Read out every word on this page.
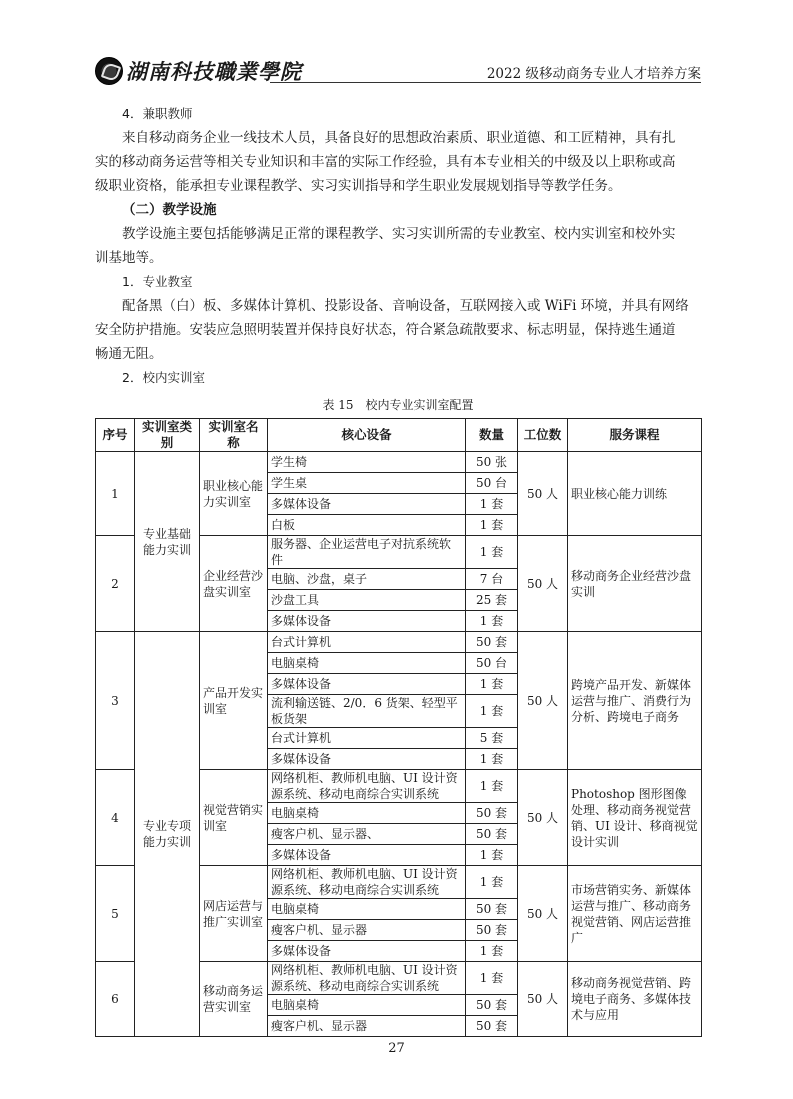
湖南科技職業學院	2022 级移动商务专业人才培养方案
4．兼职教师
来自移动商务企业一线技术人员，具备良好的思想政治素质、职业道德、和工匠精神，具有扎
实的移动商务运营等相关专业知识和丰富的实际工作经验，具有本专业相关的中级及以上职称或高
级职业资格，能承担专业课程教学、实习实训指导和学生职业发展规划指导等教学任务。
（二）教学设施
教学设施主要包括能够满足正常的课程教学、实习实训所需的专业教室、校内实训室和校外实
训基地等。
1．专业教室
配备黑（白）板、多媒体计算机、投影设备、音响设备，互联网接入或 WiFi 环境，并具有网络
安全防护措施。安装应急照明装置并保持良好状态，符合紧急疏散要求、标志明显，保持逃生通道
畅通无阻。
2．校内实训室
表 15　校内专业实训室配置
序号	实训室类别	实训室名称	核心设备	数量	工位数	服务课程
1	专业基础能力实训	职业核心能力实训室	学生椅	50 张	50 人	职业核心能力训练
			学生桌	50 台		
			多媒体设备	1 套		
			白板	1 套		
2		企业经营沙盘实训室	服务器、企业运营电子对抗系统软件	1 套	50 人	移动商务企业经营沙盘实训
			电脑、沙盘，桌子	7 台		
			沙盘工具	25 套		
			多媒体设备	1 套		
3	专业专项能力实训	产品开发实训室	台式计算机	50 套	50 人	跨境产品开发、新媒体运营与推广、消费行为分析、跨境电子商务
			电脑桌椅	50 台		
			多媒体设备	1 套		
			流利输送链、2/0．6 货架、轻型平板货架	1 套		
			台式计算机	5 套		
			多媒体设备	1 套		
4		视觉营销实训室	网络机柜、教师机电脑、UI 设计资源系统、移动电商综合实训系统	1 套	50 人	Photoshop 图形图像处理、移动商务视觉营销、UI 设计、移商视觉设计实训
			电脑桌椅	50 套		
			瘦客户机、显示器、	50 套		
			多媒体设备	1 套		
5		网店运营与推广实训室	网络机柜、教师机电脑、UI 设计资源系统、移动电商综合实训系统	1 套	50 人	市场营销实务、新媒体运营与推广、移动商务视觉营销、网店运营推广
			电脑桌椅	50 套		
			瘦客户机、显示器	50 套		
			多媒体设备	1 套		
6		移动商务运营实训室	网络机柜、教师机电脑、UI 设计资源系统、移动电商综合实训系统	1 套	50 人	移动商务视觉营销、跨境电子商务、多媒体技术与应用
			电脑桌椅	50 套		
			瘦客户机、显示器	50 套		
27
